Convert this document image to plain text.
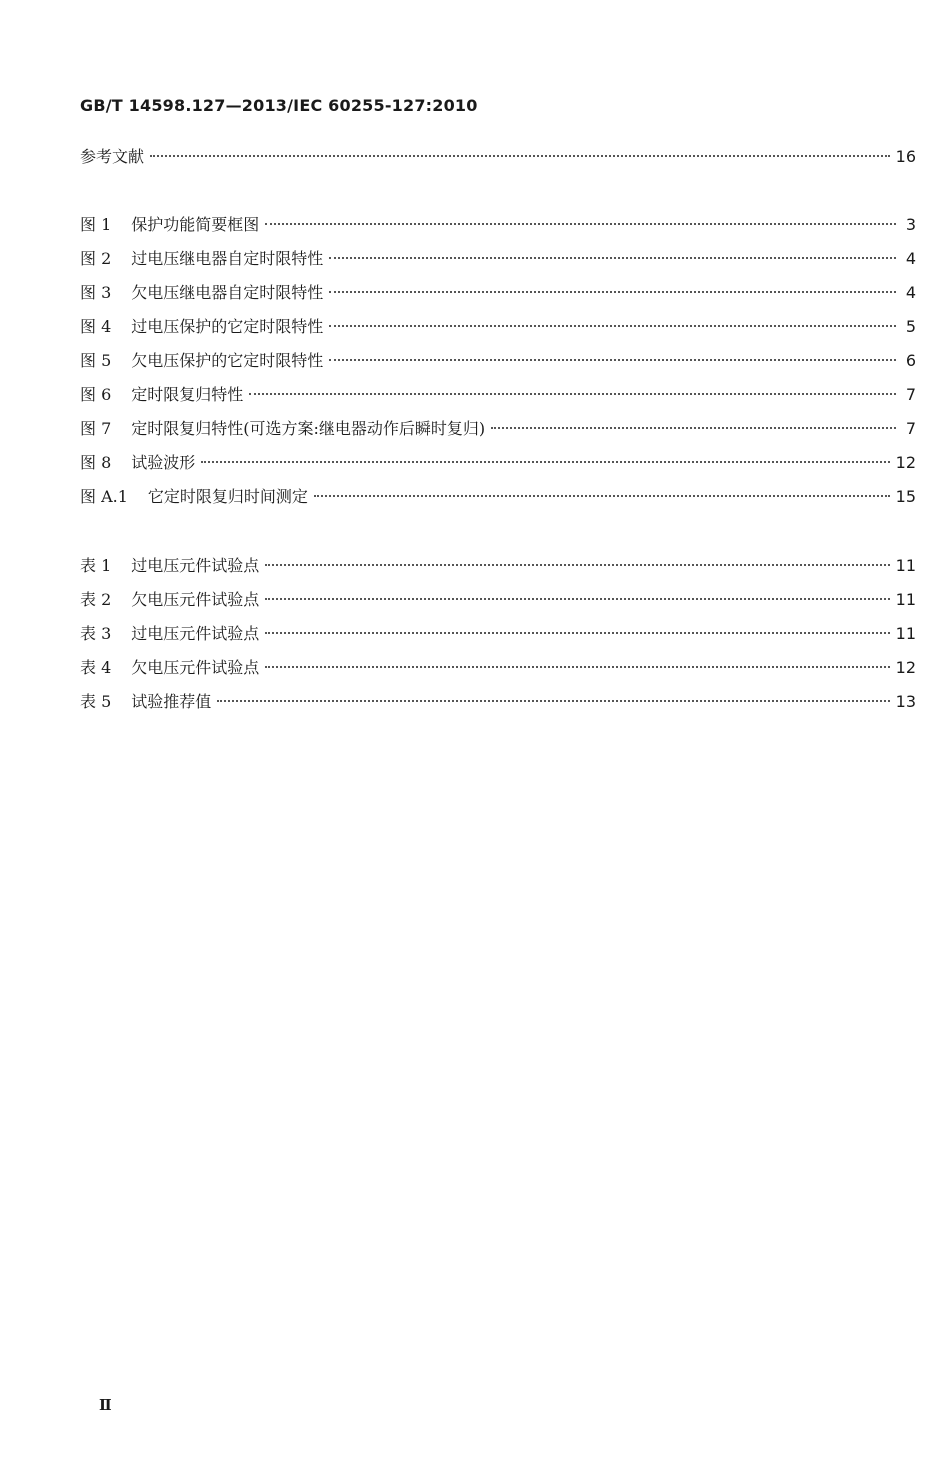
GB/T 14598.127—2013/IEC 60255-127:2010
参考文献	16
图 1 保护功能简要框图	3
图 2 过电压继电器自定时限特性	4
图 3 欠电压继电器自定时限特性	4
图 4 过电压保护的它定时限特性	5
图 5 欠电压保护的它定时限特性	6
图 6 定时限复归特性	7
图 7 定时限复归特性(可选方案:继电器动作后瞬时复归)	7
图 8 试验波形	12
图 A.1 它定时限复归时间测定	15
表 1 过电压元件试验点	11
表 2 欠电压元件试验点	11
表 3 过电压元件试验点	11
表 4 欠电压元件试验点	12
表 5 试验推荐值	13
Ⅱ
